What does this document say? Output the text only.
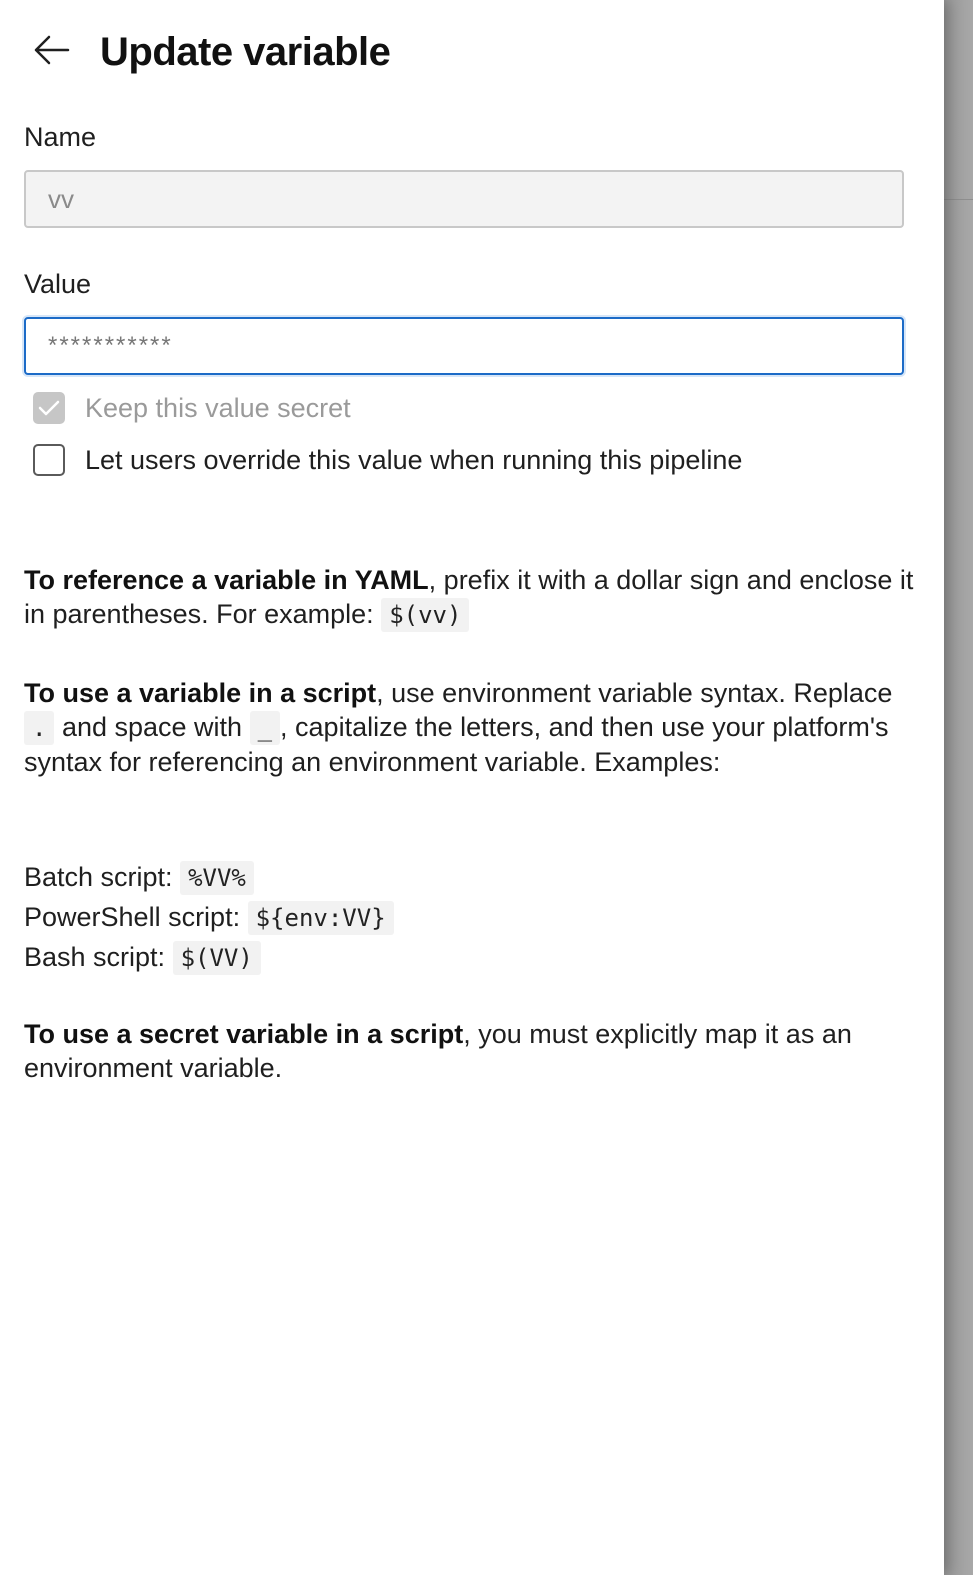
Update variable
Name
vv
Value
***********
Keep this value secret
Let users override this value when running this pipeline
To reference a variable in YAML, prefix it with a dollar sign and enclose it in parentheses. For example: $(vv)
To use a variable in a script, use environment variable syntax. Replace . and space with _ , capitalize the letters, and then use your platform's syntax for referencing an environment variable. Examples:
Batch script: %VV%
PowerShell script: ${env:VV}
Bash script: $(VV)
To use a secret variable in a script, you must explicitly map it as an environment variable.
